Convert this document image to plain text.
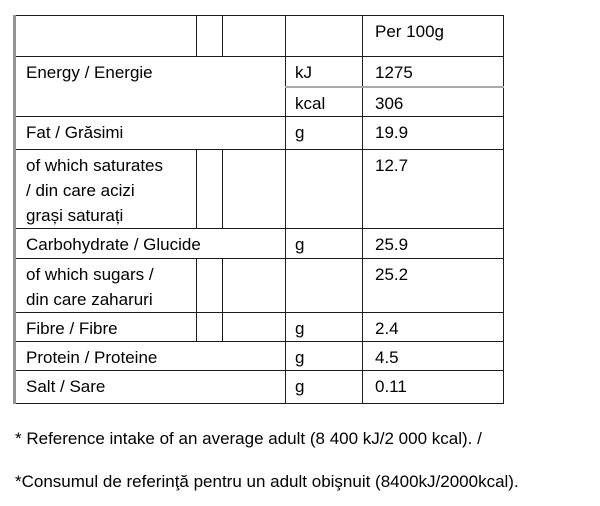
				Per 100g
Energy / Energie			kJ	1275
			kcal	306
Fat / Grăsimi			g	19.9

of which saturates
/ din care acizi
grași saturați				12.7
Carbohydrate / Glucide			g	25.9

of which sugars /
din care zaharuri				25.2
Fibre / Fibre			g	2.4
Protein / Proteine			g	4.5
Salt / Sare			g	0.11

* Reference intake of an average adult (8 400 kJ/2 000 kcal). /

*Consumul de referinţă pentru un adult obişnuit (8400kJ/2000kcal).
